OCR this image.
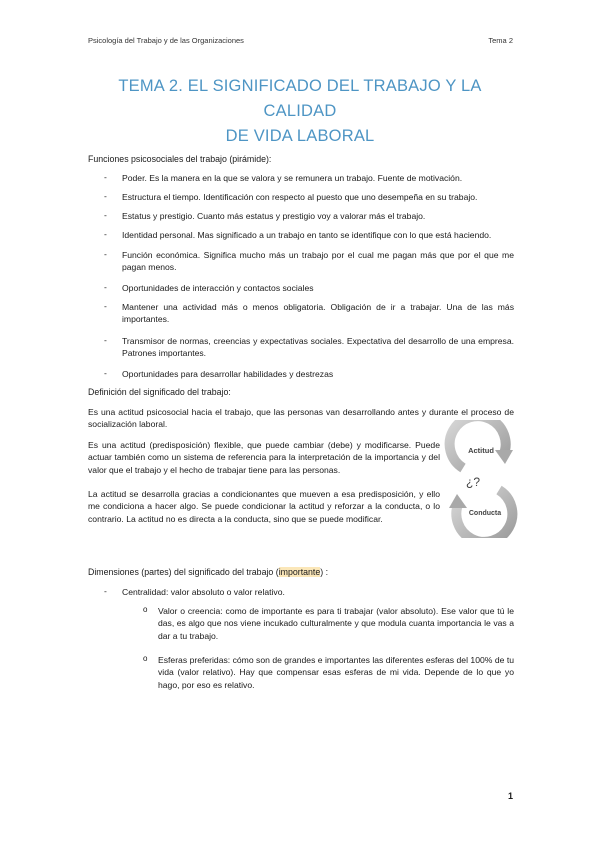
Psicología del Trabajo y de las Organizaciones	Tema 2
TEMA 2. EL SIGNIFICADO DEL TRABAJO Y LA CALIDAD
DE VIDA LABORAL
Funciones psicosociales del trabajo (pirámide):
- Poder. Es la manera en la que se valora y se remunera un trabajo. Fuente de motivación.
- Estructura el tiempo. Identificación con respecto al puesto que uno desempeña en su trabajo.
- Estatus y prestigio. Cuanto más estatus y prestigio voy a valorar más el trabajo.
- Identidad personal. Mas significado a un trabajo en tanto se identifique con lo que está haciendo.
- Función económica. Significa mucho más un trabajo por el cual me pagan más que por el que me pagan menos.
- Oportunidades de interacción y contactos sociales
- Mantener una actividad más o menos obligatoria. Obligación de ir a trabajar. Una de las más importantes.
- Transmisor de normas, creencias y expectativas sociales. Expectativa del desarrollo de una empresa. Patrones importantes.
- Oportunidades para desarrollar habilidades y destrezas
Definición del significado del trabajo:
Es una actitud psicosocial hacia el trabajo, que las personas van desarrollando antes y durante el proceso de socialización laboral.
Es una actitud (predisposición) flexible, que puede cambiar (debe) y modificarse. Puede actuar también como un sistema de referencia para la interpretación de la importancia y del valor que el trabajo y el hecho de trabajar tiene para las personas.
La actitud se desarrolla gracias a condicionantes que mueven a esa predisposición, y ello me condiciona a hacer algo. Se puede condicionar la actitud y reforzar a la conducta, o lo contrario. La actitud no es directa a la conducta, sino que se puede modificar.
Actitud
¿?
Conducta
Dimensiones (partes) del significado del trabajo (importante) :
- Centralidad: valor absoluto o valor relativo.
o Valor o creencia: como de importante es para ti trabajar (valor absoluto). Ese valor que tú le das, es algo que nos viene incukado culturalmente y que modula cuanta importancia le vas a dar a tu trabajo.
o Esferas preferidas: cómo son de grandes e importantes las diferentes esferas del 100% de tu vida (valor relativo). Hay que compensar esas esferas de mi vida. Depende de lo que yo hago, por eso es relativo.
1
